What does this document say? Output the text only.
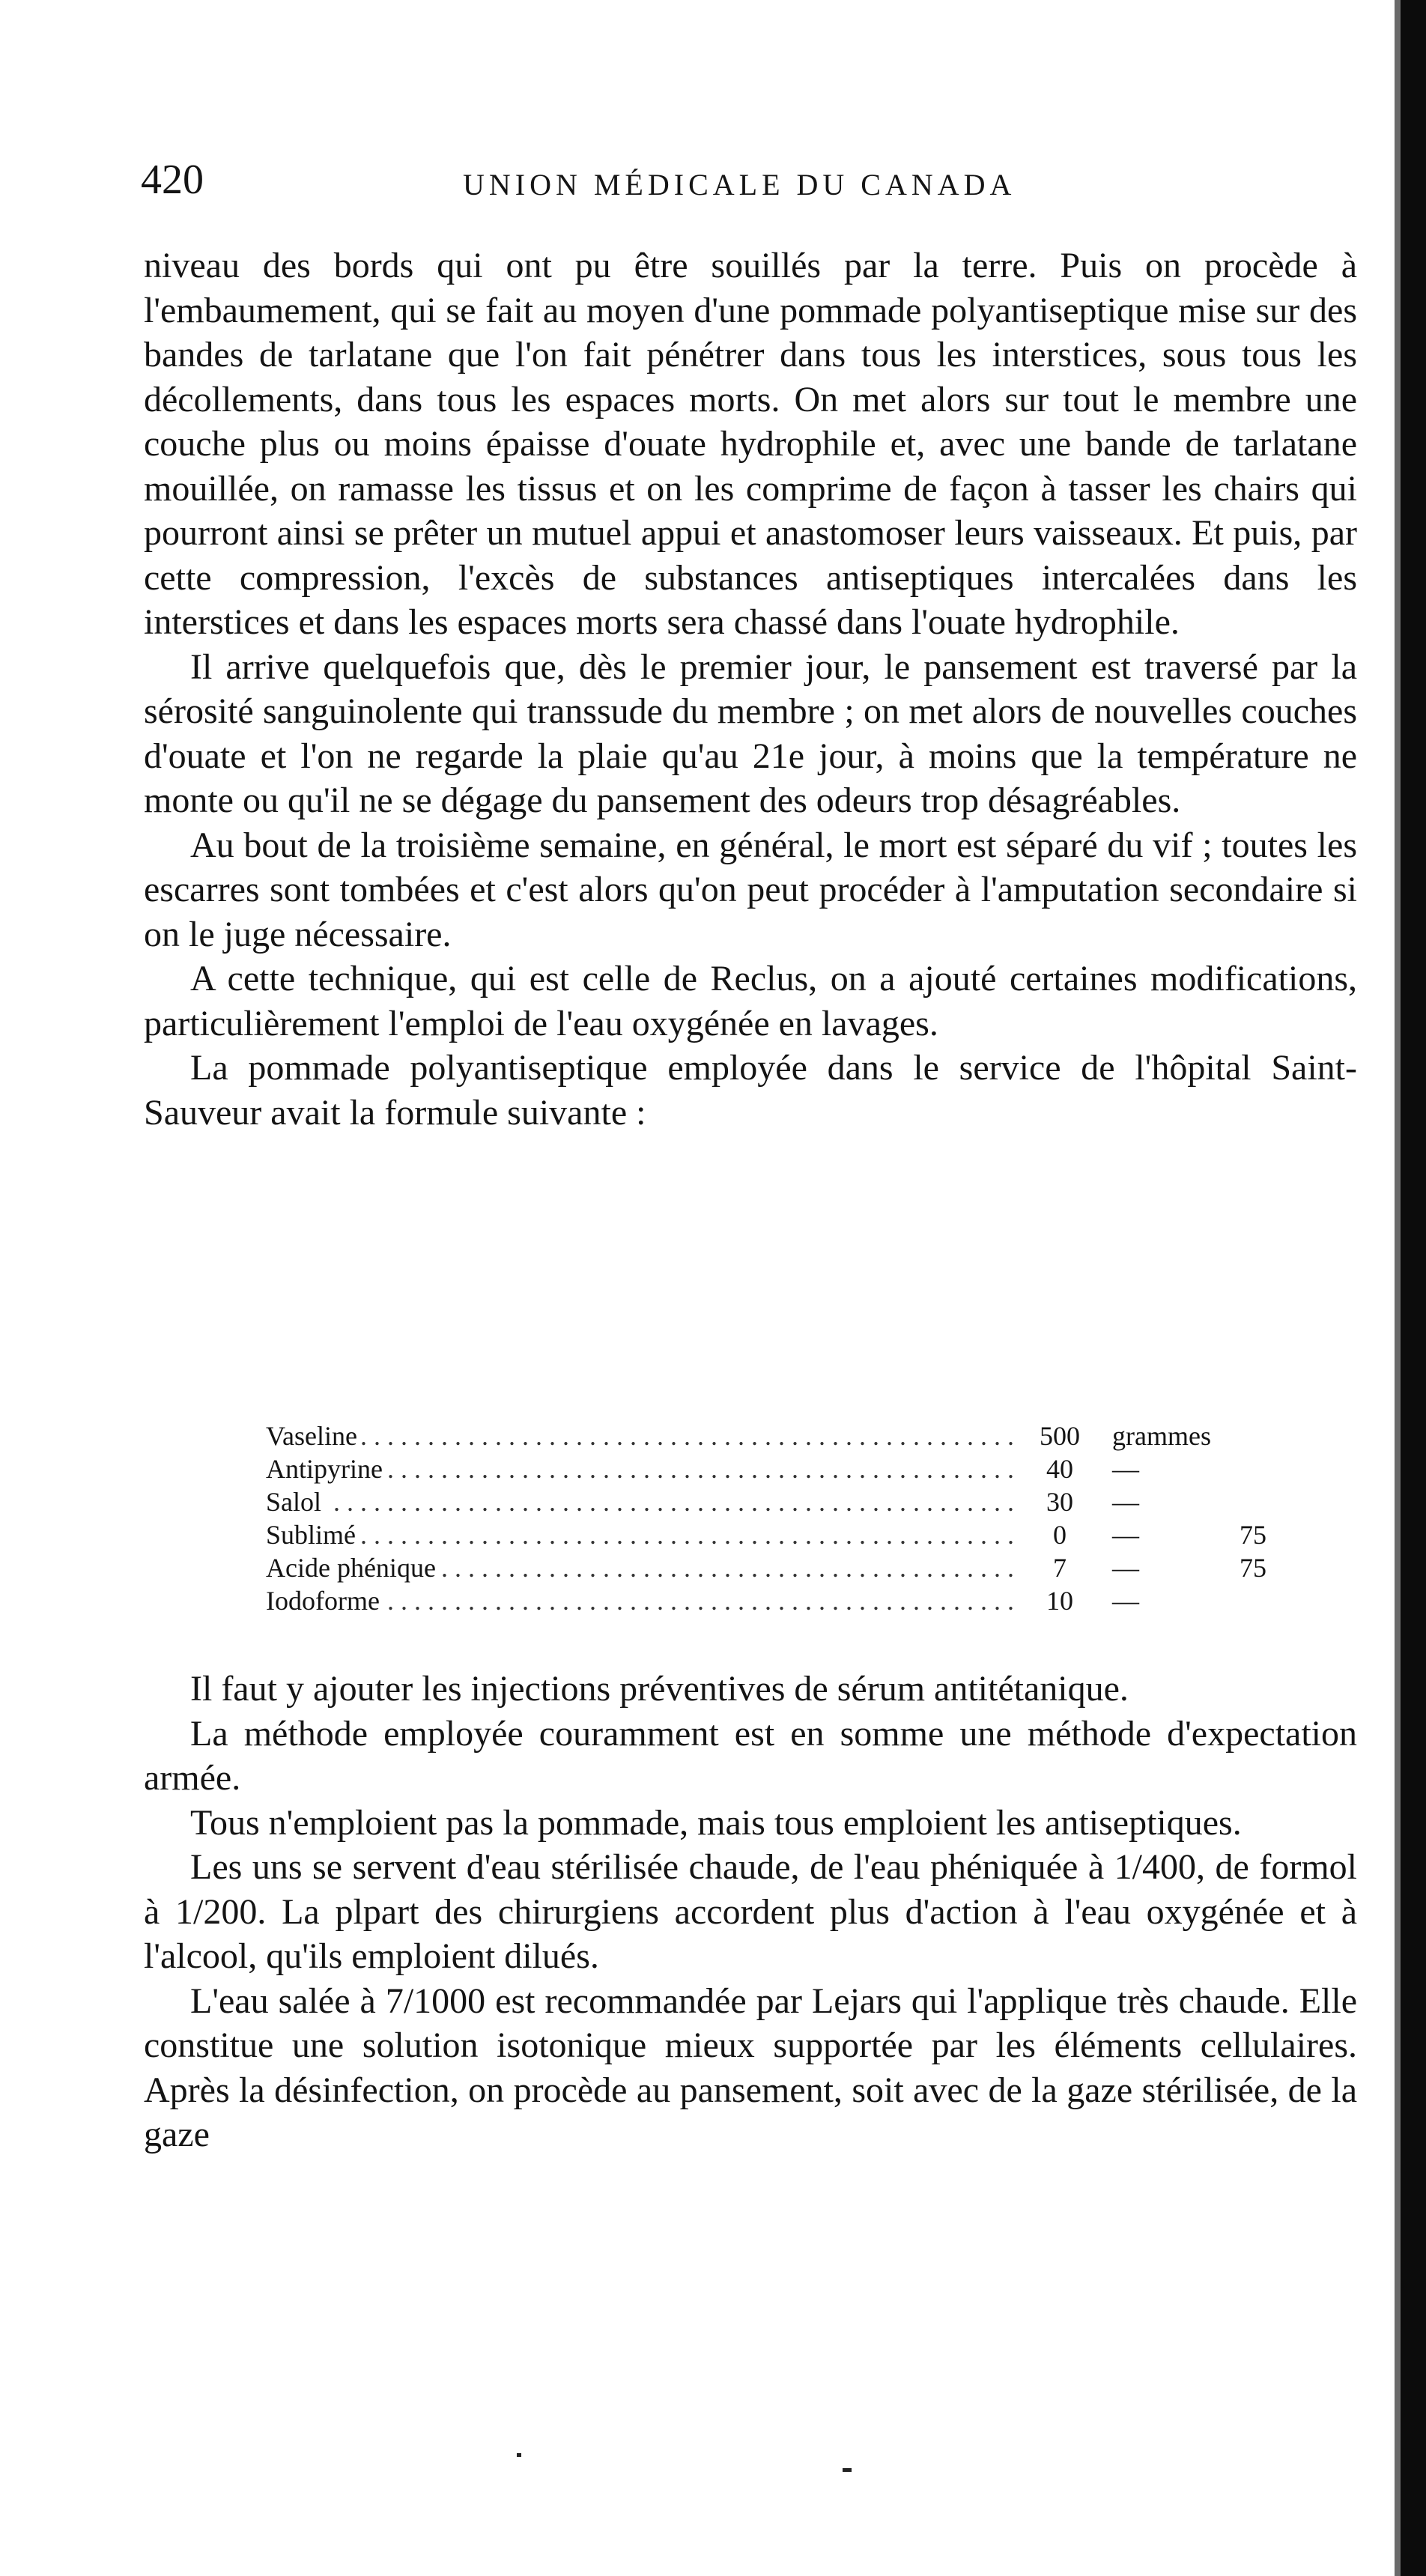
420	UNION MÉDICALE DU CANADA

niveau des bords qui ont pu être souillés par la terre. Puis on procède à l'embaumement, qui se fait au moyen d'une pommade polyantiseptique mise sur des bandes de tarlatane que l'on fait pénétrer dans tous les interstices, sous tous les décollements, dans tous les espaces morts. On met alors sur tout le membre une couche plus ou moins épaisse d'ouate hydrophile et, avec une bande de tarlatane mouillée, on ramasse les tissus et on les comprime de façon à tasser les chairs qui pourront ainsi se prêter un mutuel appui et anastomoser leurs vaisseaux. Et puis, par cette compression, l'excès de substances antiseptiques intercalées dans les interstices et dans les espaces morts sera chassé dans l'ouate hydrophile.

Il arrive quelquefois que, dès le premier jour, le pansement est traversé par la sérosité sanguinolente qui transsude du membre ; on met alors de nouvelles couches d'ouate et l'on ne regarde la plaie qu'au 21e jour, à moins que la température ne monte ou qu'il ne se dégage du pansement des odeurs trop désagréables.

Au bout de la troisième semaine, en général, le mort est séparé du vif ; toutes les escarres sont tombées et c'est alors qu'on peut procéder à l'amputation secondaire si on le juge nécessaire.

A cette technique, qui est celle de Reclus, on a ajouté certaines modifications, particulièrement l'emploi de l'eau oxygénée en lavages.

La pommade polyantiseptique employée dans le service de l'hôpital Saint-Sauveur avait la formule suivante :

. . .
Vaseline	500	grammes
. . .
Antipyrine	40	—
. . .
Salol	30	—
. . .
Sublimé	0	—	75
. . .
Acide phénique	7	—	75
. . .
Iodoforme	10	—

Il faut y ajouter les injections préventives de sérum antitétanique.

La méthode employée couramment est en somme une méthode d'expectation armée.

Tous n'emploient pas la pommade, mais tous emploient les antiseptiques.

Les uns se servent d'eau stérilisée chaude, de l'eau phéniquée à 1/400, de formol à 1/200. La plpart des chirurgiens accordent plus d'action à l'eau oxygénée et à l'alcool, qu'ils emploient dilués.

L'eau salée à 7/1000 est recommandée par Lejars qui l'applique très chaude. Elle constitue une solution isotonique mieux supportée par les éléments cellulaires. Après la désinfection, on procède au pansement, soit avec de la gaze stérilisée, de la gaze
